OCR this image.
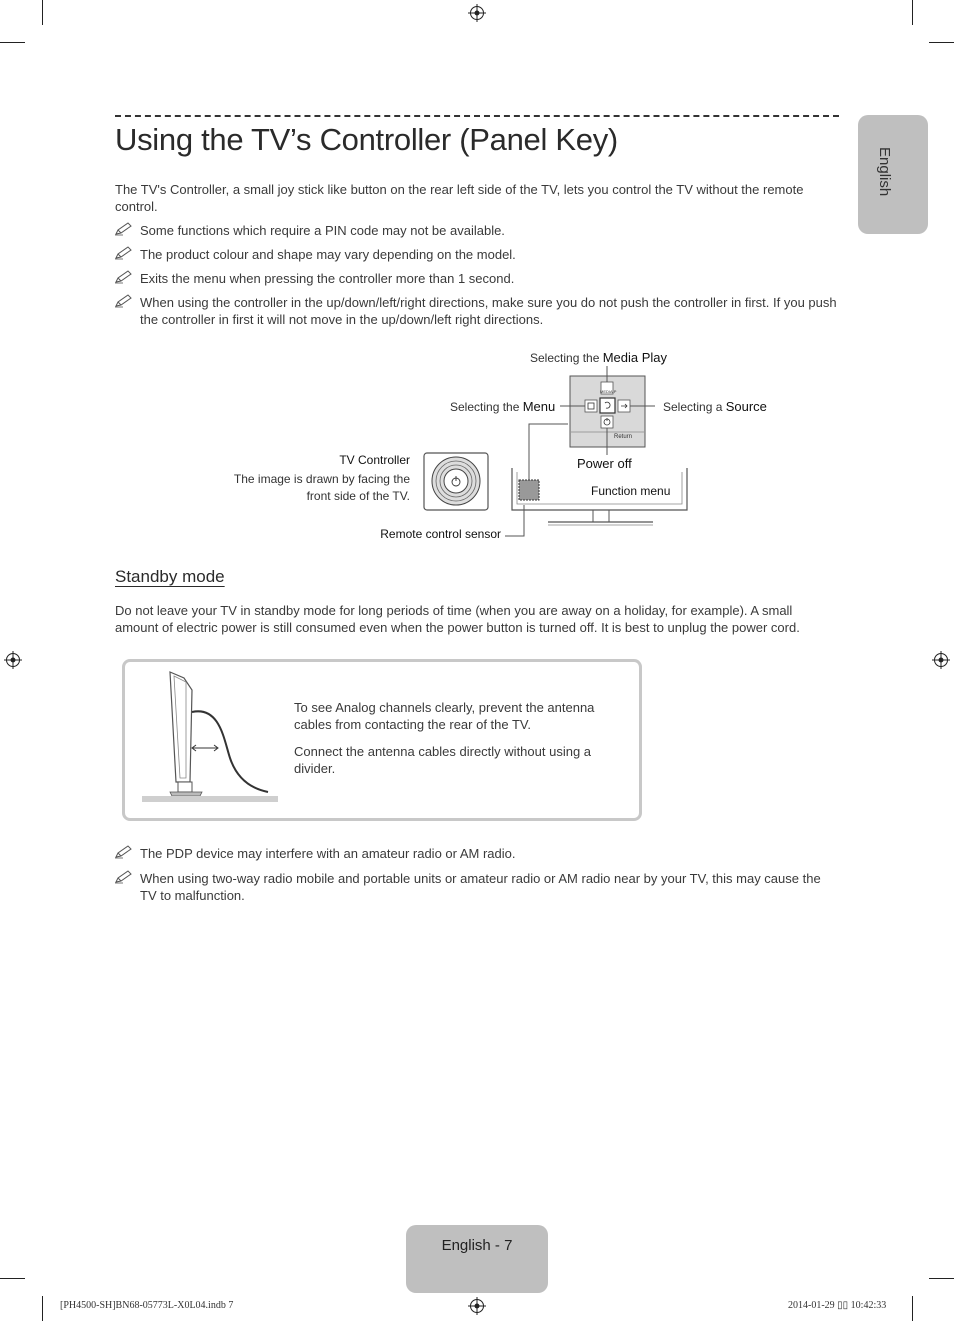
Using the TV’s Controller (Panel Key)
English

The TV's Controller, a small joy stick like button on the rear left side of the TV, lets you control the TV without the remote control.

Some functions which require a PIN code may not be available.
The product colour and shape may vary depending on the model.
Exits the menu when pressing the controller more than 1 second.
When using the controller in the up/down/left/right directions, make sure you do not push the controller in first. If you push the controller in first it will not move in the up/down/left right directions.
MEDIA.P
Return
Selecting the Media Play
Selecting the Menu	Selecting a Source
Power off
Function menu
TV Controller
The image is drawn by facing the
front side of the TV.
Remote control sensor
Standby mode

Do not leave your TV in standby mode for long periods of time (when you are away on a holiday, for example). A small amount of electric power is still consumed even when the power button is turned off. It is best to unplug the power cord.

To see Analog channels clearly, prevent the antenna cables from contacting the rear of the TV.
Connect the antenna cables directly without using a divider.
The PDP device may interfere with an amateur radio or AM radio.
When using two-way radio mobile and portable units or amateur radio or AM radio near by your TV, this may cause the TV to malfunction.
English - 7
[PH4500-SH]BN68-05773L-X0L04.indb 7	2014-01-29 ▯▯ 10:42:33
